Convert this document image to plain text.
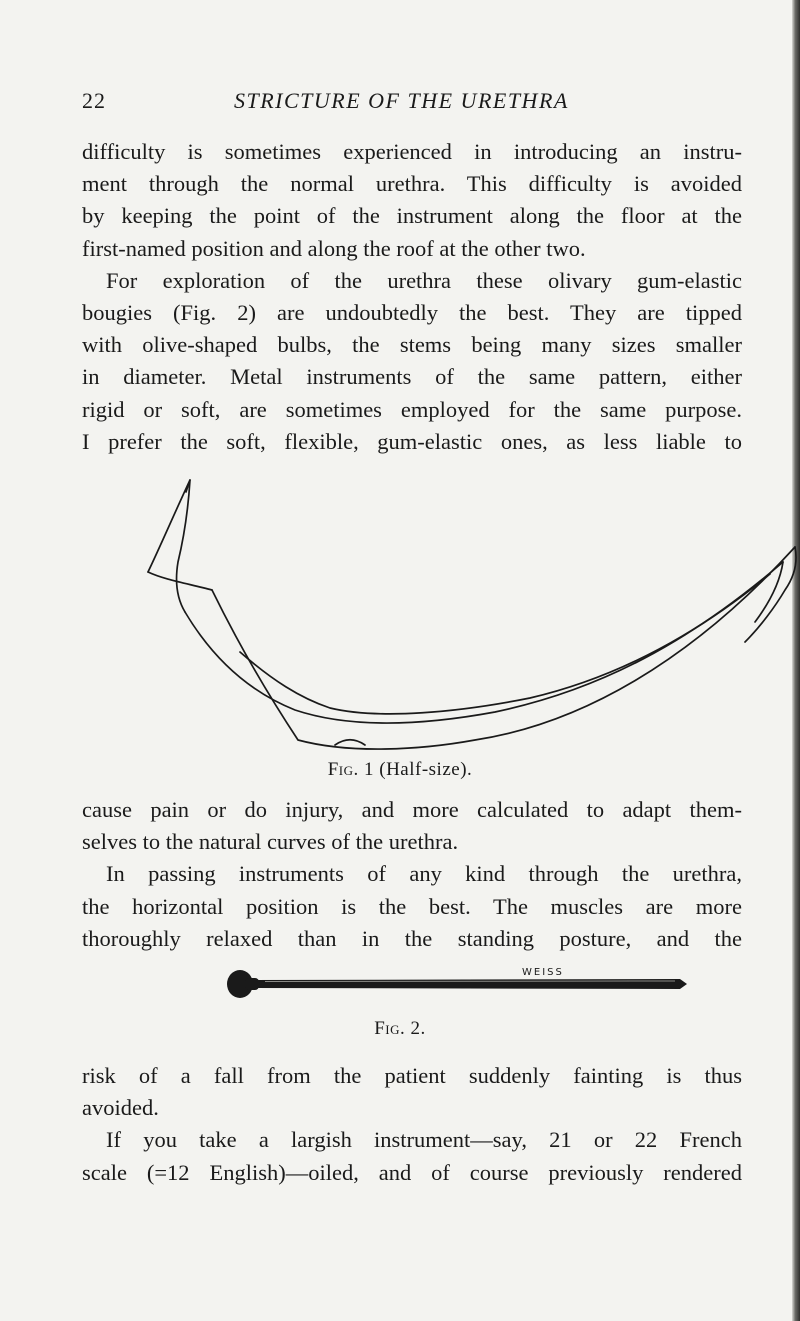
22	STRICTURE OF THE URETHRA

difficulty is sometimes experienced in introducing an instru-
ment through the normal urethra. This difficulty is avoided
by keeping the point of the instrument along the floor at the

first-named position and along the roof at the other two.

For exploration of the urethra these olivary gum-elastic
bougies (Fig. 2) are undoubtedly the best. They are tipped
with olive-shaped bulbs, the stems being many sizes smaller
in diameter. Metal instruments of the same pattern, either
rigid or soft, are sometimes employed for the same purpose.
I prefer the soft, flexible, gum-elastic ones, as less liable to

Fig. 1 (Half-size).

cause pain or do injury, and more calculated to adapt them-

selves to the natural curves of the urethra.

In passing instruments of any kind through the urethra,
the horizontal position is the best. The muscles are more
thoroughly relaxed than in the standing posture, and the

WEISS
Fig. 2.

risk of a fall from the patient suddenly fainting is thus

avoided.

If you take a largish instrument—say, 21 or 22 French
scale (=12 English)—oiled, and of course previously rendered
